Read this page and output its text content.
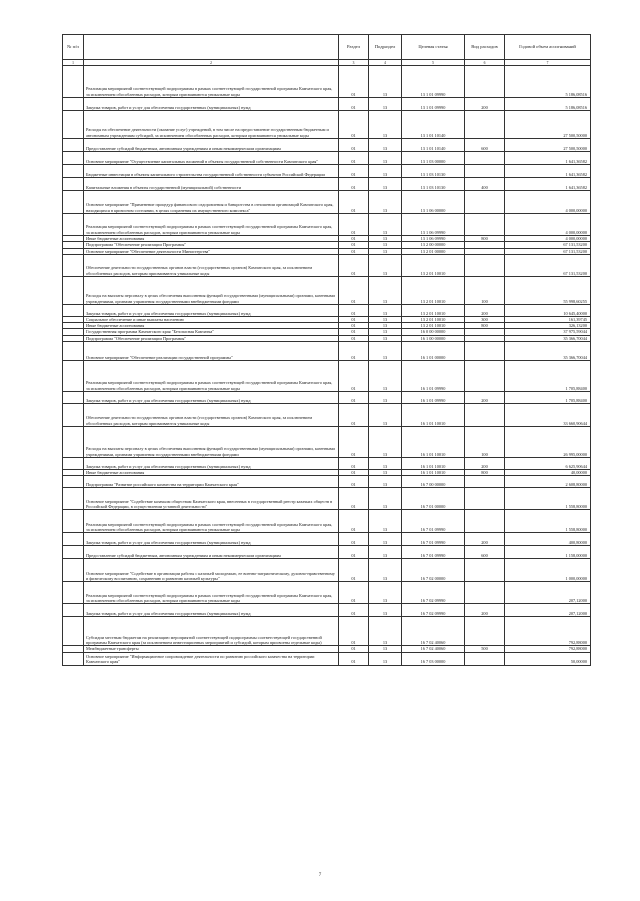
№ п/п		Раздел	Подраздел	Целевая статья	Вид расходов	Годовой объем ассигнований
1	2	3	4	5	6	7
	Реализация мероприятий соответствующей подпрограммы в рамках соответствующей государственной программы Камчатского края, за исключением обособленных расходов, которым присваиваются уникальные коды	01	13	13 1 01 09990		5 186,08516
	Закупка товаров, работ и услуг для обеспечения государственных (муниципальных) нужд	01	13	13 1 01 09990	200	5 186,08516
	Расходы на обеспечение деятельности (оказание услуг) учреждений, в том числе на предоставление государственным бюджетным и автономным учреждениям субсидий, за исключением обособленных расходов, которым присваиваются уникальные коды	01	13	13 1 01 10140		27 500,50000
	Предоставление субсидий бюджетным, автономным учреждениям и иным некоммерческим организациям	01	13	13 1 01 10140	600	27 500,50000
	Основное мероприятие "Осуществление капитальных вложений в объекты государственной собственности Камчатского края"	01	13	13 1 03 00000		1 641,36582
	Бюджетные инвестиции в объекты капитального строительства государственной собственности субъектов Российской Федерации	01	13	13 1 03 10130		1 641,36582
	Капитальные вложения в объекты государственной (муниципальной) собственности	01	13	13 1 03 10130	400	1 641,36582
	Основное мероприятие "Применение процедур финансового оздоровления и банкротства в отношении организаций Камчатского края, находящихся в кризисном состоянии, в целях сохранения их имущественного комплекса"	01	13	13 1 06 00000		4 000,00000
	Реализация мероприятий соответствующей подпрограммы в рамках соответствующей государственной программы Камчатского края, за исключением обособленных расходов, которым присваиваются уникальные коды	01	13	13 1 06 09990		4 000,00000
	Иные бюджетные ассигнования	01	13	13 1 06 09990	800	4 000,00000
	Подпрограмма "Обеспечение реализации Программы"	01	13	13 2 00 00000		67 131,53200
	Основное мероприятие "Обеспечение деятельности Министерства"	01	13	13 2 01 00000		67 131,53200
	Обеспечение деятельности государственных органов власти (государственных органов) Камчатского края, за исключением обособленных расходов, которым присваиваются уникальные коды	01	13	13 2 01 10010		67 131,53200
	Расходы на выплаты персоналу в целях обеспечения выполнения функций государственными (муниципальными) органами, казенными учреждениями, органами управления государственными внебюджетными фондами	01	13	13 2 01 10010	100	55 998,60255
	Закупка товаров, работ и услуг для обеспечения государственных (муниципальных) нужд	01	13	13 2 01 10010	200	10 645,40000
	Социальное обеспечение и иные выплаты населению	01	13	13 2 01 10010	300	161,39745
	Иные бюджетные ассигнования	01	13	13 2 01 10010	800	326,13200
	Государственная программа Камчатского края "Безопасная Камчатка"	01	13	16 0 00 00000		37 975,59044
	Подпрограмма "Обеспечение реализации Программы"	01	13	16 1 00 00000		35 366,70044
	Основное мероприятие "Обеспечение реализации государственной программы"	01	13	16 1 01 00000		35 366,70044
	Реализация мероприятий соответствующей подпрограммы в рамках соответствующей государственной программы Камчатского края, за исключением обособленных расходов, которым присваиваются уникальные коды	01	13	16 1 01 09990		1 705,88400
	Закупка товаров, работ и услуг для обеспечения государственных (муниципальных) нужд	01	13	16 1 01 09990	200	1 705,88400
	Обеспечение деятельности государственных органов власти (государственных органов) Камчатского края, за исключением обособленных расходов, которым присваиваются уникальные коды	01	13	16 1 01 10010		33 660,90644
	Расходы на выплаты персоналу в целях обеспечения выполнения функций государственными (муниципальными) органами, казенными учреждениями, органами управления государственными внебюджетными фондами	01	13	16 1 01 10010	100	26 995,00000
	Закупка товаров, работ и услуг для обеспечения государственных (муниципальных) нужд	01	13	16 1 01 10010	200	6 625,90644
	Иные бюджетные ассигнования	01	13	16 1 01 10010	800	40,00000
	Подпрограмма "Развитие российского казачества на территории Камчатского края"	01	13	16 7 00 00000		2 608,80000
	Основное мероприятие "Содействие казачьим обществам Камчатского края, внесенных в государственный реестр казачьих обществ в Российской Федерации, в осуществлении уставной деятельности"	01	13	16 7 01 00000		1 558,80000
	Реализация мероприятий соответствующей подпрограммы в рамках соответствующей государственной программы Камчатского края, за исключением обособленных расходов, которым присваиваются уникальные коды	01	13	16 7 01 09990		1 558,80000
	Закупка товаров, работ и услуг для обеспечения государственных (муниципальных) нужд	01	13	16 7 01 09990	200	400,80000
	Предоставление субсидий бюджетным, автономным учреждениям и иным некоммерческим организациям	01	13	16 7 01 09990	600	1 158,00000
	Основное мероприятие "Содействие в организации работы с казачьей молодежью, ее военно-патриотическому, духовно-нравственному и физическому воспитанию, сохранению и развитию казачьей культуры"	01	13	16 7 02 00000		1 000,00000
	Реализация мероприятий соответствующей подпрограммы в рамках соответствующей государственной программы Камчатского края, за исключением обособленных расходов, которым присваиваются уникальные коды	01	13	16 7 02 09990		207,12000
	Закупка товаров, работ и услуг для обеспечения государственных (муниципальных) нужд	01	13	16 7 02 09990	200	207,12000
	Субсидии местным бюджетам на реализацию мероприятий соответствующей подпрограммы соответствующей государственной программы Камчатского края (за исключением инвестиционных мероприятий и субсидий, которым присвоены отдельные коды)	01	13	16 7 02 40060		792,88000
	Межбюджетные трансферты	01	13	16 7 02 40060	500	792,88000
	Основное мероприятие "Информационное сопровождение деятельности по развитию российского казачества на территории Камчатского края"	01	13	16 7 03 00000		50,00000
7
